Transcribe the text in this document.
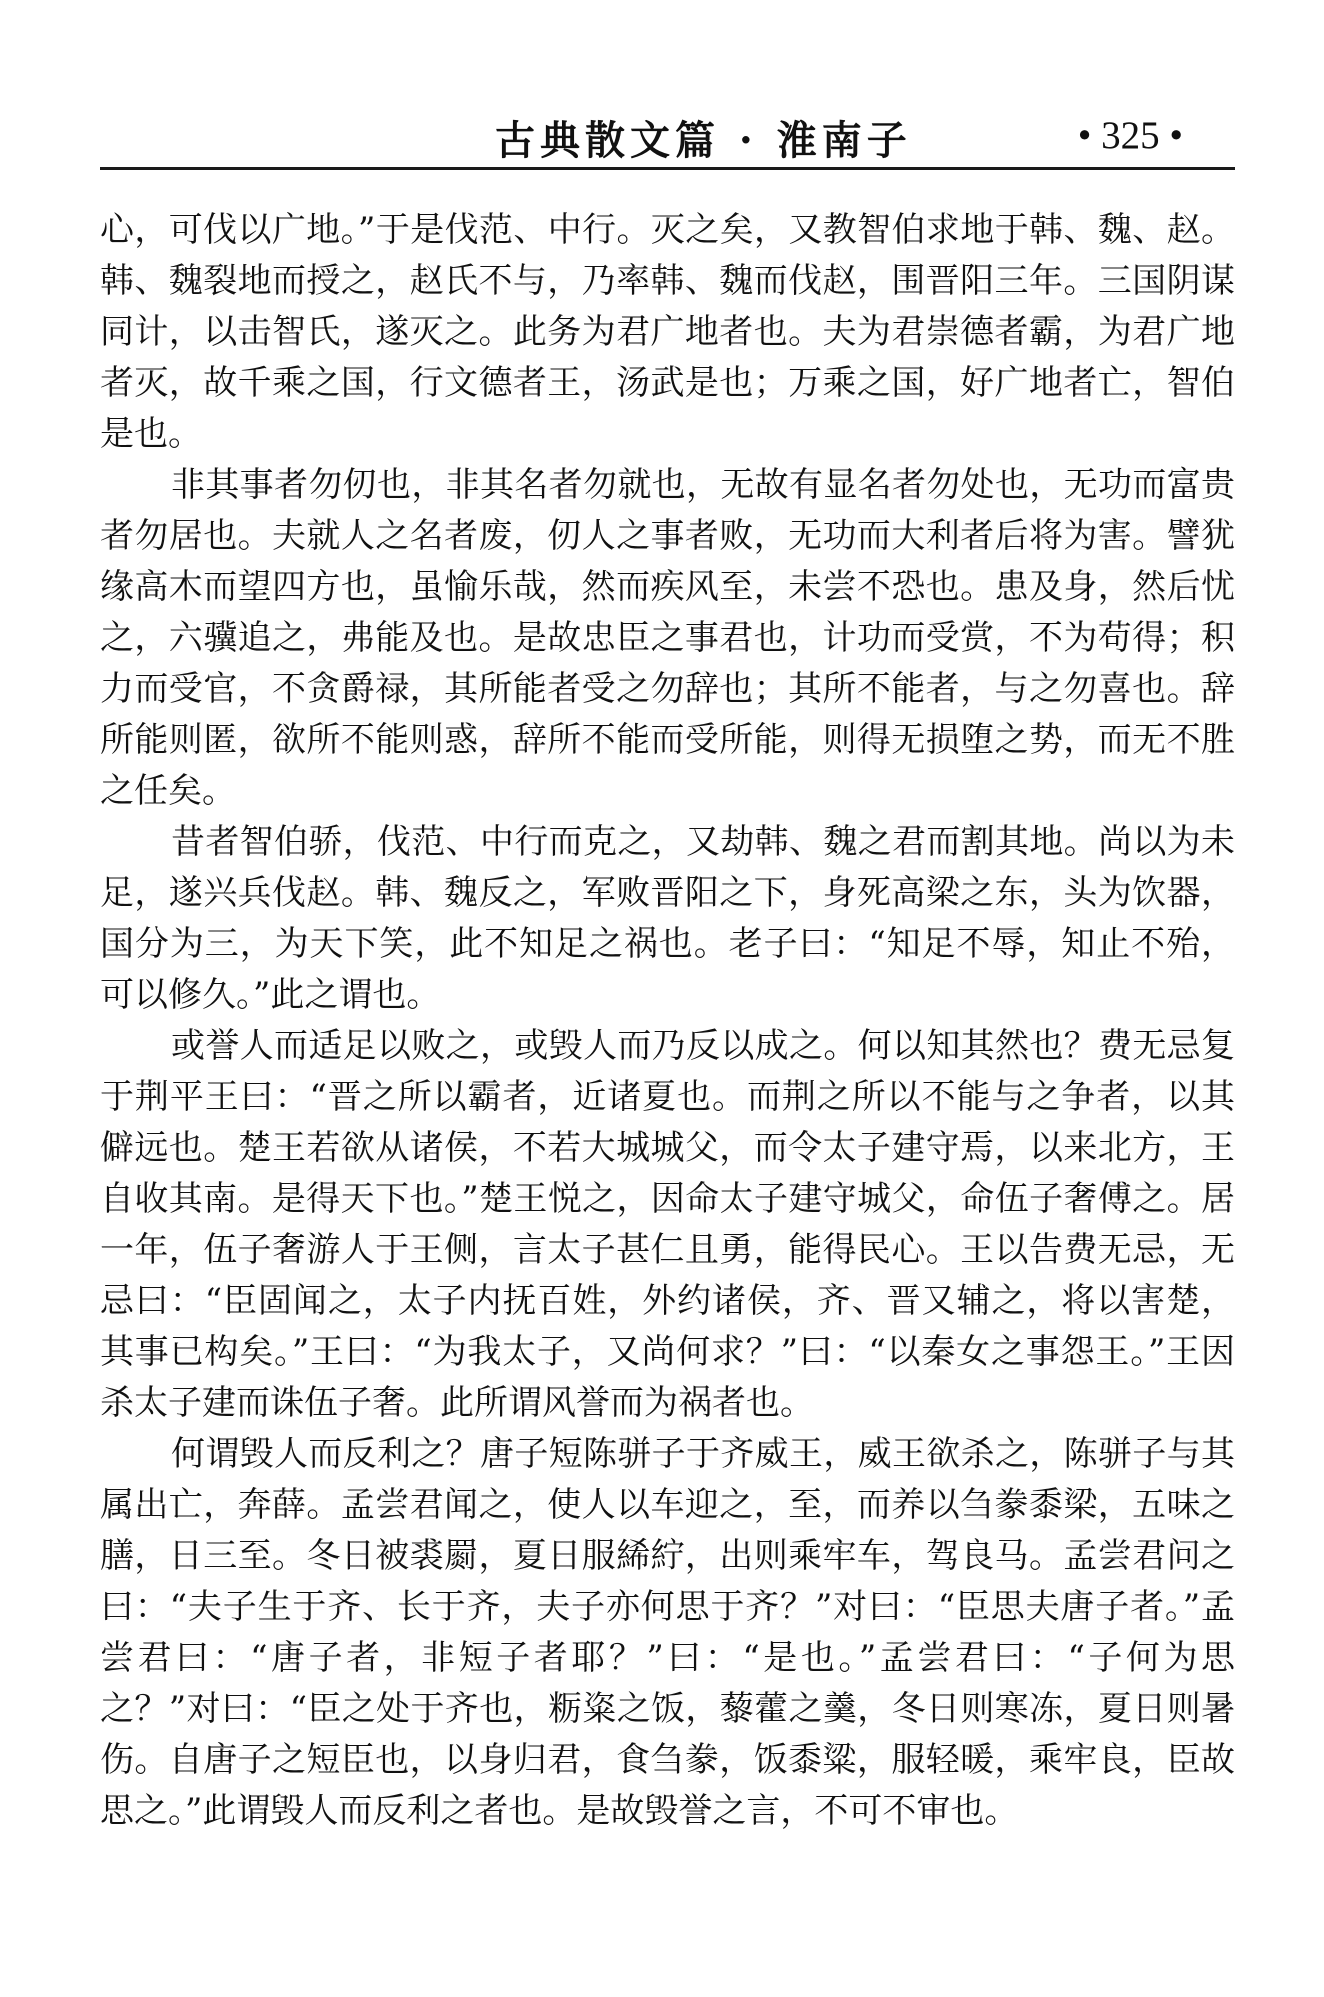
古典散文篇 · 淮南子	• 325 •

心，可伐以广地。”于是伐范、中行。灭之矣，又教智伯求地于韩、魏、赵。韩、魏裂地而授之，赵氏不与，乃率韩、魏而伐赵，围晋阳三年。三国阴谋同计，以击智氏，遂灭之。此务为君广地者也。夫为君崇德者霸，为君广地者灭，故千乘之国，行文德者王，汤武是也；万乘之国，好广地者亡，智伯是也。

非其事者勿仞也，非其名者勿就也，无故有显名者勿处也，无功而富贵者勿居也。夫就人之名者废，仞人之事者败，无功而大利者后将为害。譬犹缘高木而望四方也，虽愉乐哉，然而疾风至，未尝不恐也。患及身，然后忧之，六骥追之，弗能及也。是故忠臣之事君也，计功而受赏，不为苟得；积力而受官，不贪爵禄，其所能者受之勿辞也；其所不能者，与之勿喜也。辞所能则匿，欲所不能则惑，辞所不能而受所能，则得无损堕之势，而无不胜之任矣。

昔者智伯骄，伐范、中行而克之，又劫韩、魏之君而割其地。尚以为未足，遂兴兵伐赵。韩、魏反之，军败晋阳之下，身死高梁之东，头为饮器，国分为三，为天下笑，此不知足之祸也。老子曰：“知足不辱，知止不殆，可以修久。”此之谓也。

或誉人而适足以败之，或毁人而乃反以成之。何以知其然也？费无忌复于荆平王曰：“晋之所以霸者，近诸夏也。而荆之所以不能与之争者，以其僻远也。楚王若欲从诸侯，不若大城城父，而令太子建守焉，以来北方，王自收其南。是得天下也。”楚王悦之，因命太子建守城父，命伍子奢傅之。居一年，伍子奢游人于王侧，言太子甚仁且勇，能得民心。王以告费无忌，无忌曰：“臣固闻之，太子内抚百姓，外约诸侯，齐、晋又辅之，将以害楚，其事已构矣。”王曰：“为我太子，又尚何求？”曰：“以秦女之事怨王。”王因杀太子建而诛伍子奢。此所谓风誉而为祸者也。

何谓毁人而反利之？唐子短陈骈子于齐威王，威王欲杀之，陈骈子与其属出亡，奔薛。孟尝君闻之，使人以车迎之，至，而养以刍豢黍梁，五味之膳，日三至。冬日被裘罽，夏日服絺紵，出则乘牢车，驾良马。孟尝君问之曰：“夫子生于齐、长于齐，夫子亦何思于齐？”对曰：“臣思夫唐子者。”孟尝君曰：“唐子者，非短子者耶？”曰：“是也。”孟尝君曰：“子何为思之？”对曰：“臣之处于齐也，粝粢之饭，藜藿之羹，冬日则寒冻，夏日则暑伤。自唐子之短臣也，以身归君，食刍豢，饭黍粱，服轻暖，乘牢良，臣故思之。”此谓毁人而反利之者也。是故毁誉之言，不可不审也。
